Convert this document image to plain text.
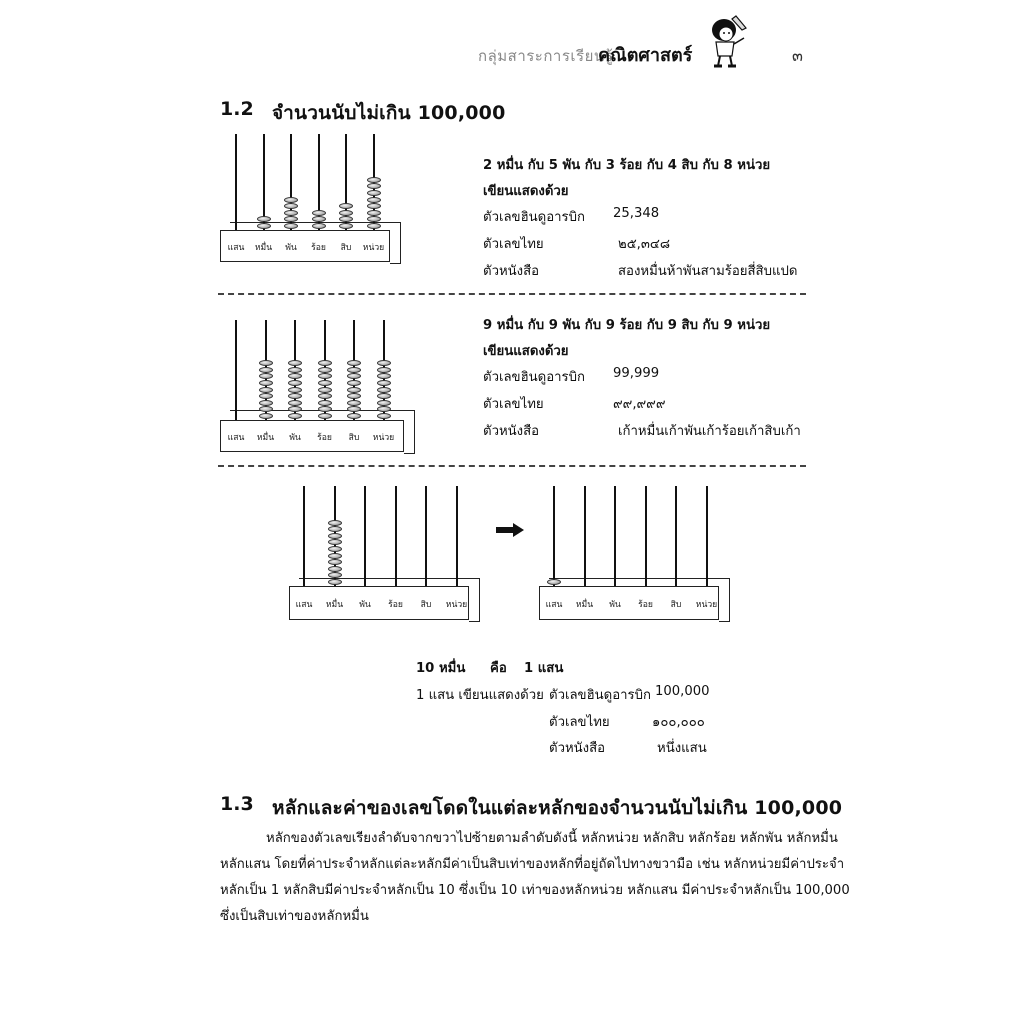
กลุ่มสาระการเรียนรู้
คณิตศาสตร์	๓
1.2 จำนวนนับไม่เกิน 100,000
แสน	หมื่น	พัน	ร้อย	สิบ	หน่วย
2 หมื่น กับ 5 พัน กับ 3 ร้อย กับ 4 สิบ กับ 8 หน่วย
เขียนแสดงด้วย
ตัวเลขฮินดูอารบิก 25,348
ตัวเลขไทย	๒๕,๓๔๘
ตัวหนังสือ	สองหมื่นห้าพันสามร้อยสี่สิบแปด
แสน	หมื่น	พัน	ร้อย	สิบ	หน่วย
9 หมื่น กับ 9 พัน กับ 9 ร้อย กับ 9 สิบ กับ 9 หน่วย
เขียนแสดงด้วย
ตัวเลขฮินดูอารบิก 99,999
ตัวเลขไทย	๙๙,๙๙๙
ตัวหนังสือ	เก้าหมื่นเก้าพันเก้าร้อยเก้าสิบเก้า
แสน	หมื่น	พัน	ร้อย	สิบ	หน่วย	แสน	หมื่น	พัน	ร้อย	สิบ	หน่วย
10 หมื่น คือ 1 แสน
1 แสน เขียนแสดงด้วย ตัวเลขฮินดูอารบิก 100,000
ตัวเลขไทย	๑๐๐,๐๐๐
ตัวหนังสือ	หนึ่งแสน
1.3 หลักและค่าของเลขโดดในแต่ละหลักของจำนวนนับไม่เกิน 100,000
หลักของตัวเลขเรียงลำดับจากขวาไปซ้ายตามลำดับดังนี้ หลักหน่วย หลักสิบ หลักร้อย หลักพัน หลักหมื่น
หลักแสน โดยที่ค่าประจำหลักแต่ละหลักมีค่าเป็นสิบเท่าของหลักที่อยู่ถัดไปทางขวามือ เช่น หลักหน่วยมีค่าประจำ
หลักเป็น 1 หลักสิบมีค่าประจำหลักเป็น 10 ซึ่งเป็น 10 เท่าของหลักหน่วย หลักแสน มีค่าประจำหลักเป็น 100,000
ซึ่งเป็นสิบเท่าของหลักหมื่น
